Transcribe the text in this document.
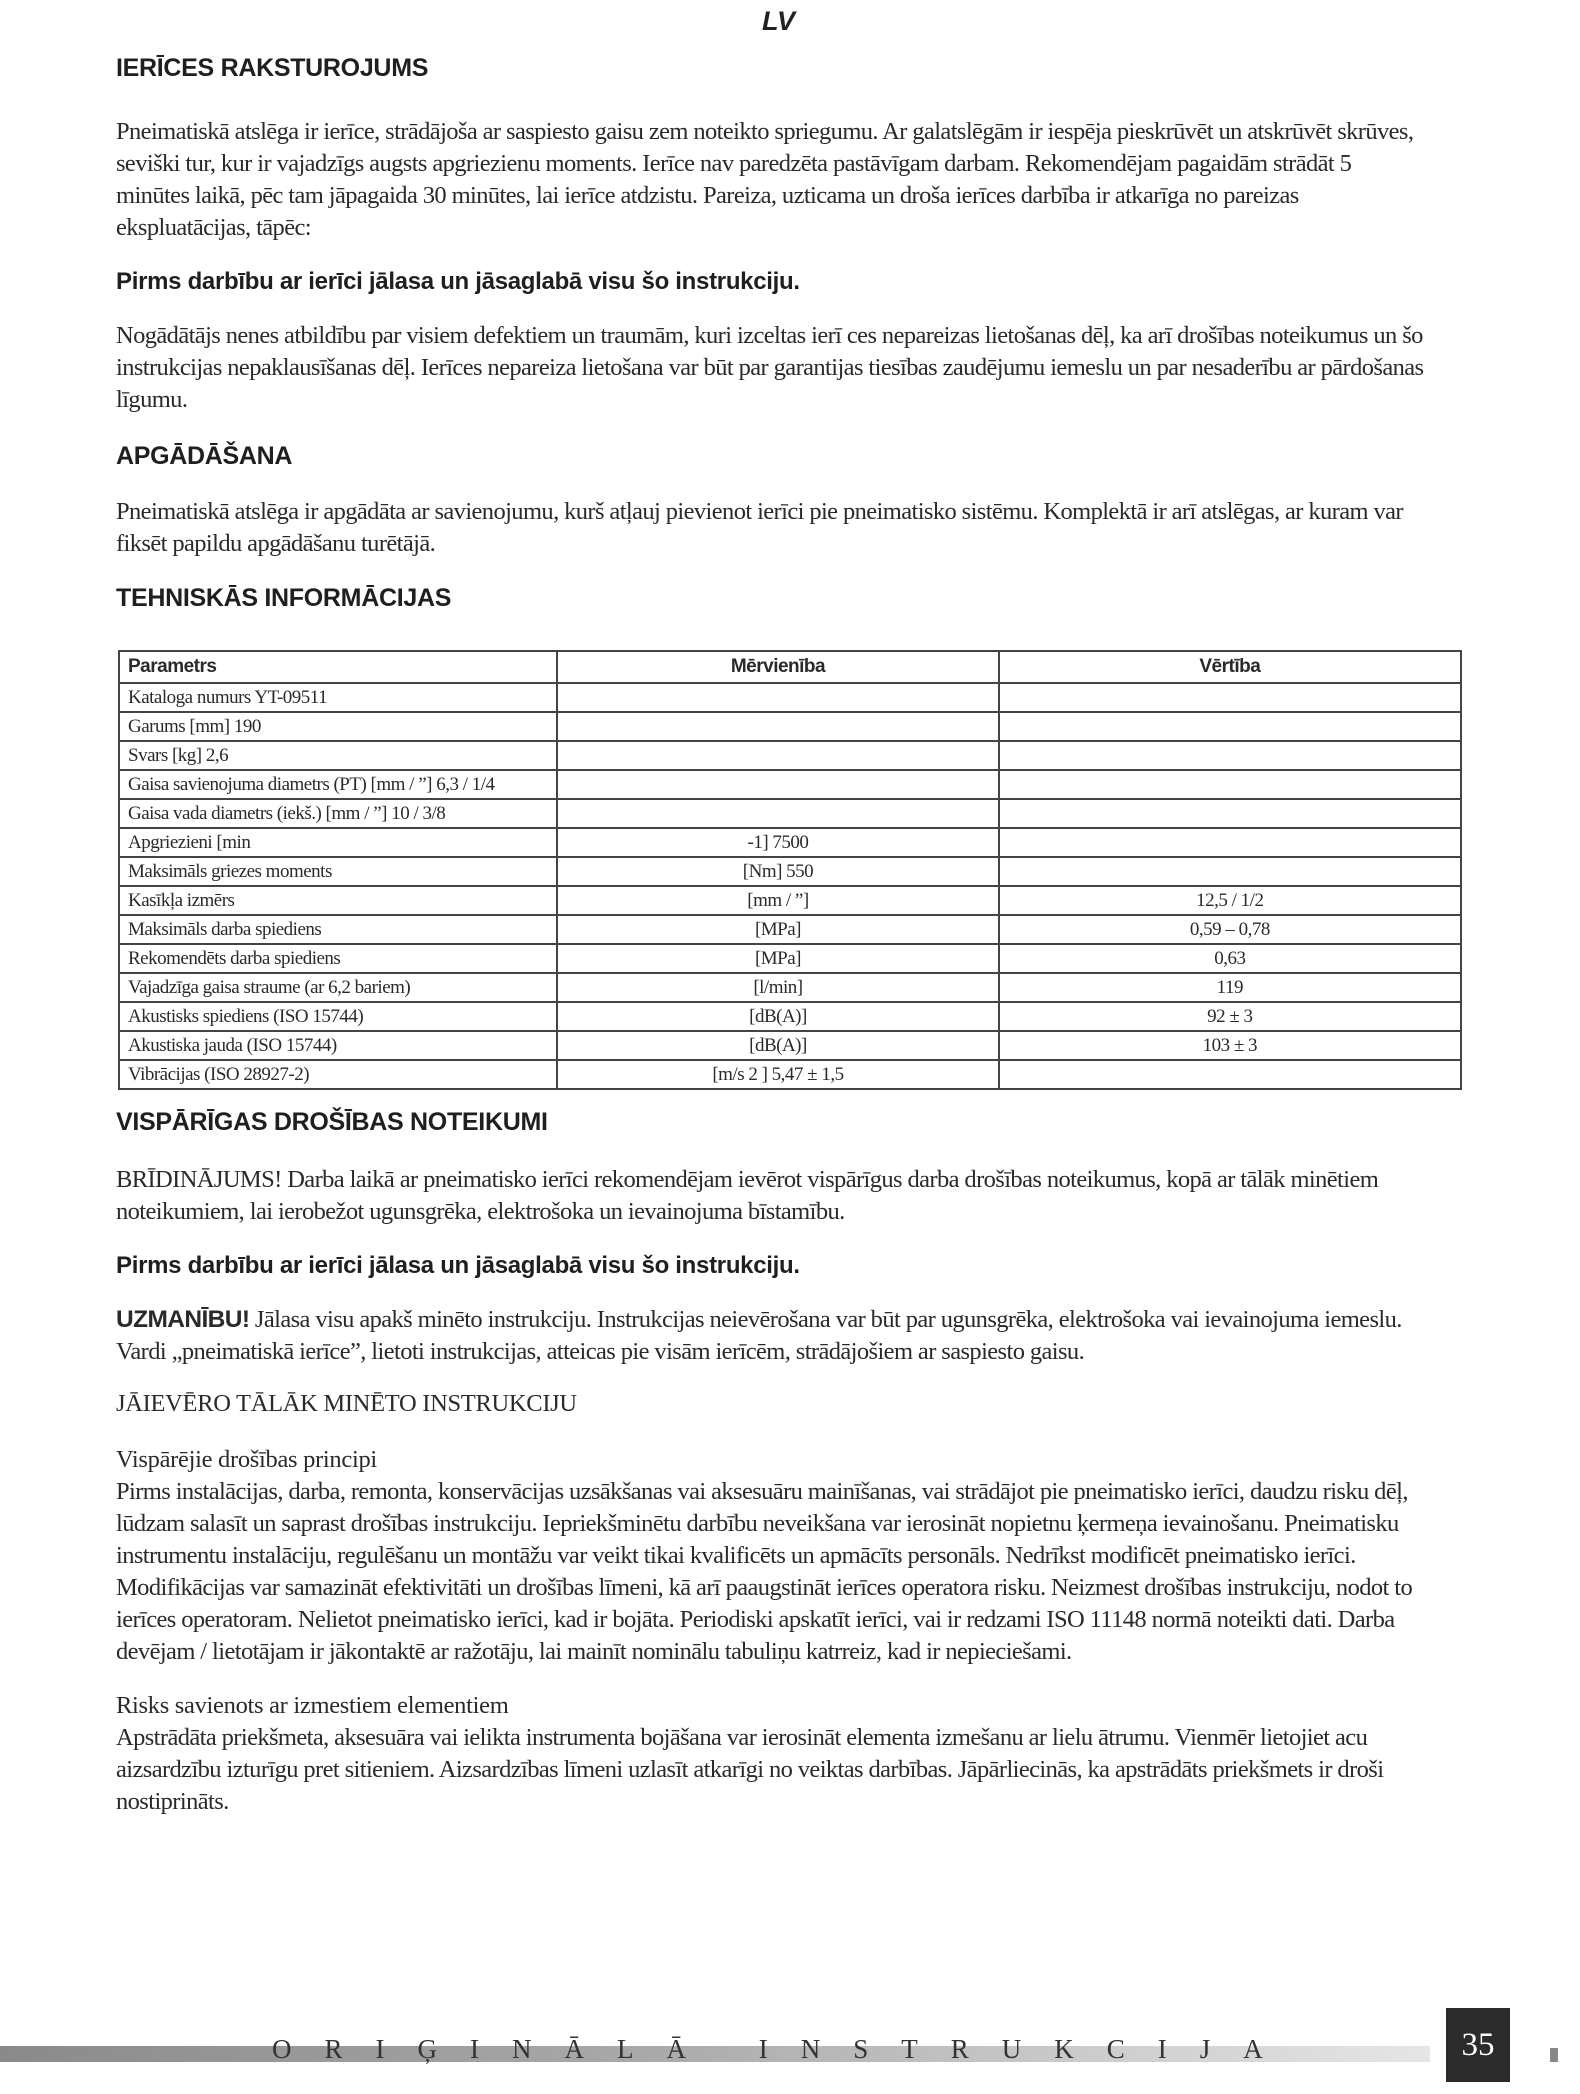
LV
IERĪCES RAKSTUROJUMS

Pneimatiskā atslēga ir ierīce, strādājoša ar saspiesto gaisu zem noteikto spriegumu. Ar galatslēgām ir iespēja pieskrūvēt un atskrūvēt skrūves, seviški tur, kur ir vajadzīgs augsts apgriezienu moments. Ierīce nav paredzēta pastāvīgam darbam. Rekomendējam pagaidām strādāt 5 minūtes laikā, pēc tam jāpagaida 30 minūtes, lai ierīce atdzistu. Pareiza, uzticama un droša ierīces darbība ir atkarīga no pareizas ekspluatācijas, tāpēc:

Pirms darbību ar ierīci jālasa un jāsaglabā visu šo instrukciju.

Nogādātājs nenes atbildību par visiem defektiem un traumām, kuri izceltas ierī ces nepareizas lietošanas dēļ, ka arī drošības noteikumus un šo instrukcijas nepaklausīšanas dēļ. Ierīces nepareiza lietošana var būt par garantijas tiesības zaudējumu iemeslu un par nesaderību ar pārdošanas līgumu.

APGĀDĀŠANA

Pneimatiskā atslēga ir apgādāta ar savienojumu, kurš atļauj pievienot ierīci pie pneimatisko sistēmu. Komplektā ir arī atslēgas, ar kuram var fiksēt papildu apgādāšanu turētājā.

TEHNISKĀS INFORMĀCIJAS
Parametrs	Mērvienība	Vērtība
Kataloga numurs YT-09511		
Garums [mm] 190		
Svars [kg] 2,6		
Gaisa savienojuma diametrs (PT) [mm / ”] 6,3 / 1/4		
Gaisa vada diametrs (iekš.) [mm / ”] 10 / 3/8		
Apgriezieni [min	-1] 7500	
Maksimāls griezes moments	[Nm] 550	
Kasīkļa izmērs	[mm / ”]	12,5 / 1/2
Maksimāls darba spiediens	[MPa]	0,59 – 0,78
Rekomendēts darba spiediens	[MPa]	0,63
Vajadzīga gaisa straume (ar 6,2 bariem)	[l/min]	119
Akustisks spiediens (ISO 15744)	[dB(A)]	92 ± 3
Akustiska jauda (ISO 15744)	[dB(A)]	103 ± 3
Vibrācijas (ISO 28927-2)	[m/s 2 ] 5,47 ± 1,5	
VISPĀRĪGAS DROŠĪBAS NOTEIKUMI

BRĪDINĀJUMS! Darba laikā ar pneimatisko ierīci rekomendējam ievērot vispārīgus darba drošības noteikumus, kopā ar tālāk minētiem noteikumiem, lai ierobežot ugunsgrēka, elektrošoka un ievainojuma bīstamību.

Pirms darbību ar ierīci jālasa un jāsaglabā visu šo instrukciju.

UZMANĪBU! Jālasa visu apakš minēto instrukciju. Instrukcijas neievērošana var būt par ugunsgrēka, elektrošoka vai ievainojuma iemeslu. Vardi „pneimatiskā ierīce”, lietoti instrukcijas, atteicas pie visām ierīcēm, strādājošiem ar saspiesto gaisu.

JĀIEVĒRO TĀLĀK MINĒTO INSTRUKCIJU
Vispārējie drošības principi

Pirms instalācijas, darba, remonta, konservācijas uzsākšanas vai aksesuāru mainīšanas, vai strādājot pie pneimatisko ierīci, daudzu risku dēļ, lūdzam salasīt un saprast drošības instrukciju. Iepriekšminētu darbību neveikšana var ierosināt nopietnu ķermeņa ievainošanu. Pneimatisku instrumentu instalāciju, regulēšanu un montāžu var veikt tikai kvalificēts un apmācīts personāls. Nedrīkst modificēt pneimatisko ierīci. Modifikācijas var samazināt efektivitāti un drošības līmeni, kā arī paaugstināt ierīces operatora risku. Neizmest drošības instrukciju, nodot to ierīces operatoram. Nelietot pneimatisko ierīci, kad ir bojāta. Periodiski apskatīt ierīci, vai ir redzami ISO 11148 normā noteikti dati. Darba devējam / lietotājam ir jākontaktē ar ražotāju, lai mainīt nominālu tabuliņu katrreiz, kad ir nepieciešami.

Risks savienots ar izmestiem elementiem

Apstrādāta priekšmeta, aksesuāra vai ielikta instrumenta bojāšana var ierosināt elementa izmešanu ar lielu ātrumu. Vienmēr lietojiet acu aizsardzību izturīgu pret sitieniem. Aizsardzības līmeni uzlasīt atkarīgi no veiktas darbības. Jāpārliecinās, ka apstrādāts priekšmets ir droši nostiprināts.

ORIĢINĀLĀ INSTRUKCIJA	35
